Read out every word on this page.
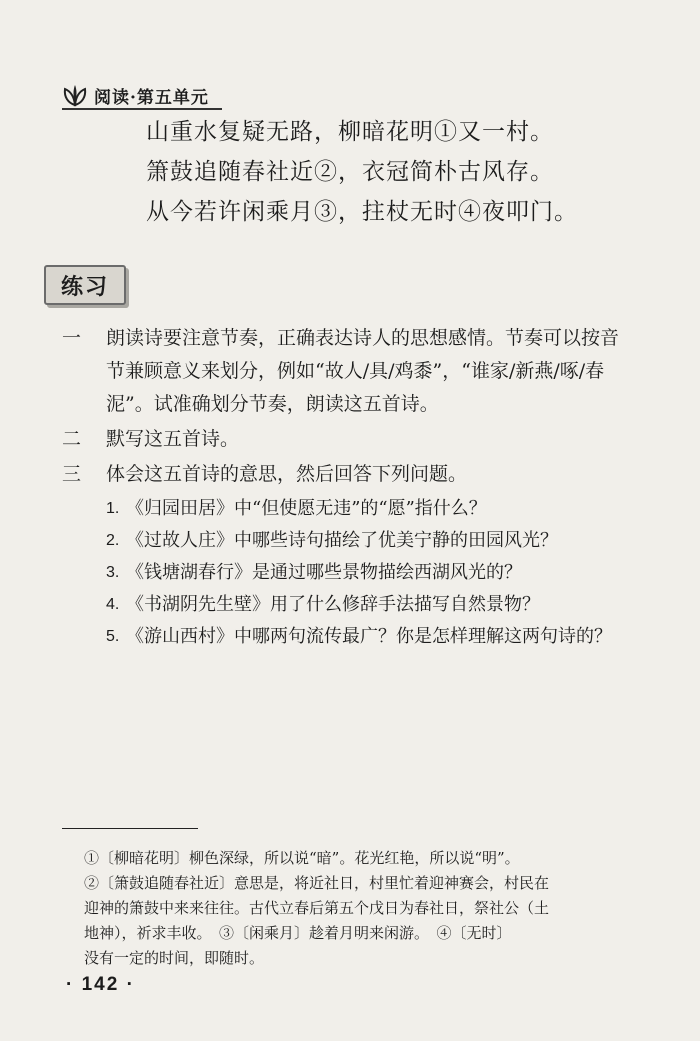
阅读·第五单元
山重水复疑无路，柳暗花明①又一村。
箫鼓追随春社近②，衣冠简朴古风存。
从今若许闲乘月③，拄杖无时④夜叩门。
练习
一 朗读诗要注意节奏，正确表达诗人的思想感情。节奏可以按音节兼顾意义来划分，例如“故人/具/鸡黍”，“谁家/新燕/啄/春泥”。试准确划分节奏，朗读这五首诗。
二 默写这五首诗。
三 体会这五首诗的意思，然后回答下列问题。
1. 《归园田居》中“但使愿无违”的“愿”指什么？
2. 《过故人庄》中哪些诗句描绘了优美宁静的田园风光？
3. 《钱塘湖春行》是通过哪些景物描绘西湖风光的？
4. 《书湖阴先生壁》用了什么修辞手法描写自然景物？
5. 《游山西村》中哪两句流传最广？你是怎样理解这两句诗的？
①〔柳暗花明〕柳色深绿，所以说“暗”。花光红艳，所以说“明”。
②〔箫鼓追随春社近〕意思是，将近社日，村里忙着迎神赛会，村民在
迎神的箫鼓中来来往往。古代立春后第五个戊日为春社日，祭社公（土
地神），祈求丰收。　③〔闲乘月〕趁着月明来闲游。　④〔无时〕
没有一定的时间，即随时。
· 142 ·
